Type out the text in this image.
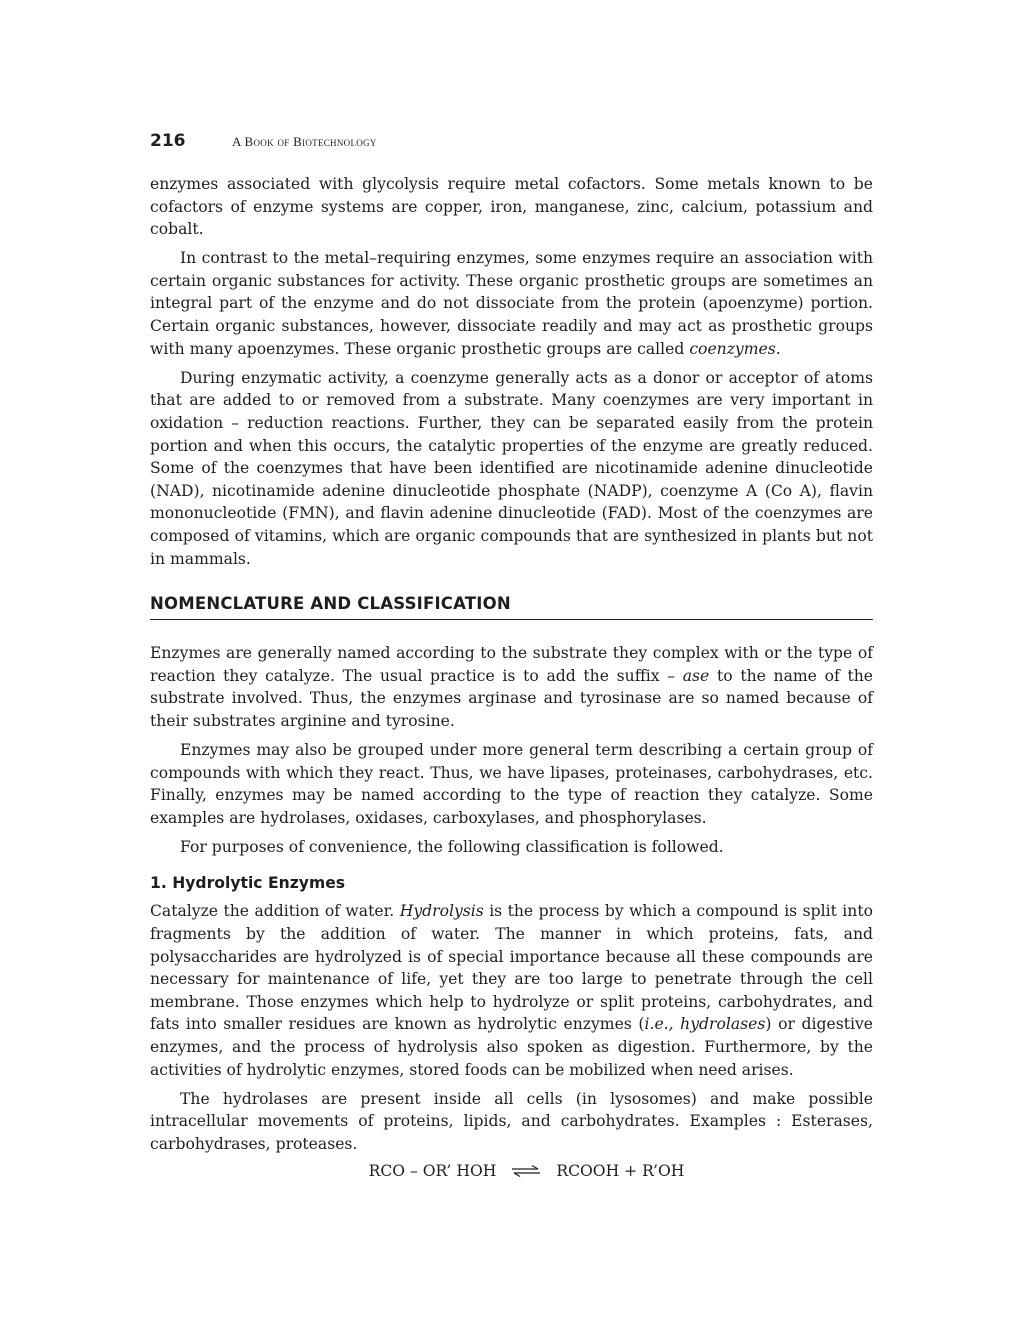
216	A Book of Biotechnology

enzymes associated with glycolysis require metal cofactors. Some metals known to be cofactors of enzyme systems are copper, iron, manganese, zinc, calcium, potassium and cobalt.

In contrast to the metal–requiring enzymes, some enzymes require an association with certain organic substances for activity. These organic prosthetic groups are sometimes an integral part of the enzyme and do not dissociate from the protein (apoenzyme) portion. Certain organic substances, however, dissociate readily and may act as prosthetic groups with many apoenzymes. These organic prosthetic groups are called coenzymes.

During enzymatic activity, a coenzyme generally acts as a donor or acceptor of atoms that are added to or removed from a substrate. Many coenzymes are very important in oxidation – reduction reactions. Further, they can be separated easily from the protein portion and when this occurs, the catalytic properties of the enzyme are greatly reduced. Some of the coenzymes that have been identified are nicotinamide adenine dinucleotide (NAD), nicotinamide adenine dinucleotide phosphate (NADP), coenzyme A (Co A), flavin mononucleotide (FMN), and flavin adenine dinucleotide (FAD). Most of the coenzymes are composed of vitamins, which are organic compounds that are synthesized in plants but not in mammals.

NOMENCLATURE AND CLASSIFICATION

Enzymes are generally named according to the substrate they complex with or the type of reaction they catalyze. The usual practice is to add the suffix – ase to the name of the substrate involved. Thus, the enzymes arginase and tyrosinase are so named because of their substrates arginine and tyrosine.

Enzymes may also be grouped under more general term describing a certain group of compounds with which they react. Thus, we have lipases, proteinases, carbohydrases, etc. Finally, enzymes may be named according to the type of reaction they catalyze. Some examples are hydrolases, oxidases, carboxylases, and phosphorylases.

For purposes of convenience, the following classification is followed.

1. Hydrolytic Enzymes

Catalyze the addition of water. Hydrolysis is the process by which a compound is split into fragments by the addition of water. The manner in which proteins, fats, and polysaccharides are hydrolyzed is of special importance because all these compounds are necessary for maintenance of life, yet they are too large to penetrate through the cell membrane. Those enzymes which help to hydrolyze or split proteins, carbohydrates, and fats into smaller residues are known as hydrolytic enzymes (i.e., hydrolases) or digestive enzymes, and the process of hydrolysis also spoken as digestion. Furthermore, by the activities of hydrolytic enzymes, stored foods can be mobilized when need arises.

The hydrolases are present inside all cells (in lysosomes) and make possible intracellular movements of proteins, lipids, and carbohydrates. Examples : Esterases, carbohydrases, proteases.

RCO – OR’ HOH ⇌ RCOOH + R’OH
